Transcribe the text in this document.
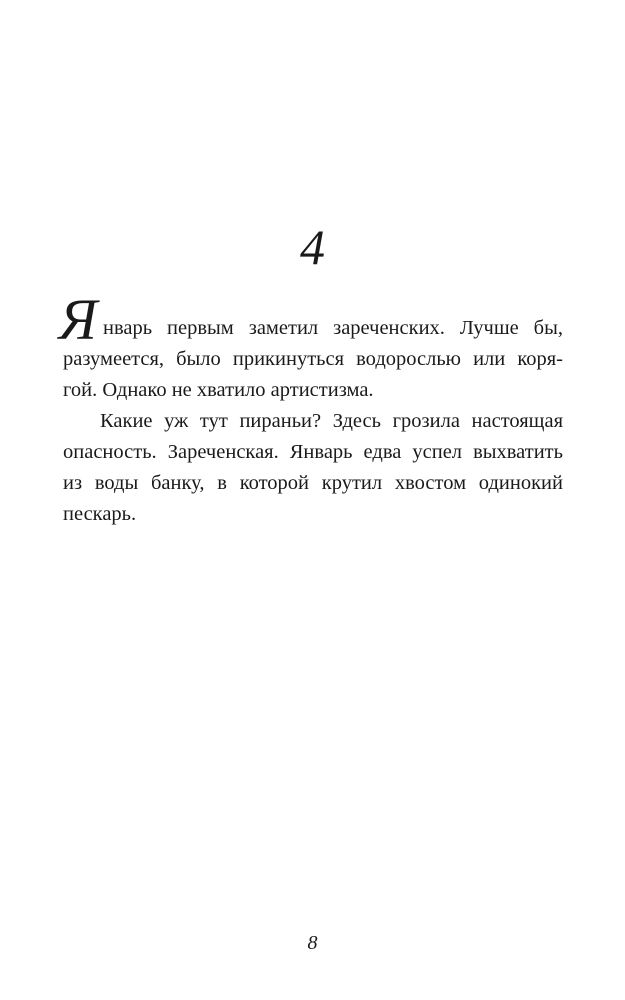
4
Я нварь первым заметил зареченских. Лучше бы,
разумеется, было прикинуться водорослью или коря-
гой. Однако не хватило артистизма.
Какие уж тут пираньи? Здесь грозила настоящая
опасность. Зареченская. Январь едва успел выхватить
из воды банку, в которой крутил хвостом одинокий
пескарь.
8
